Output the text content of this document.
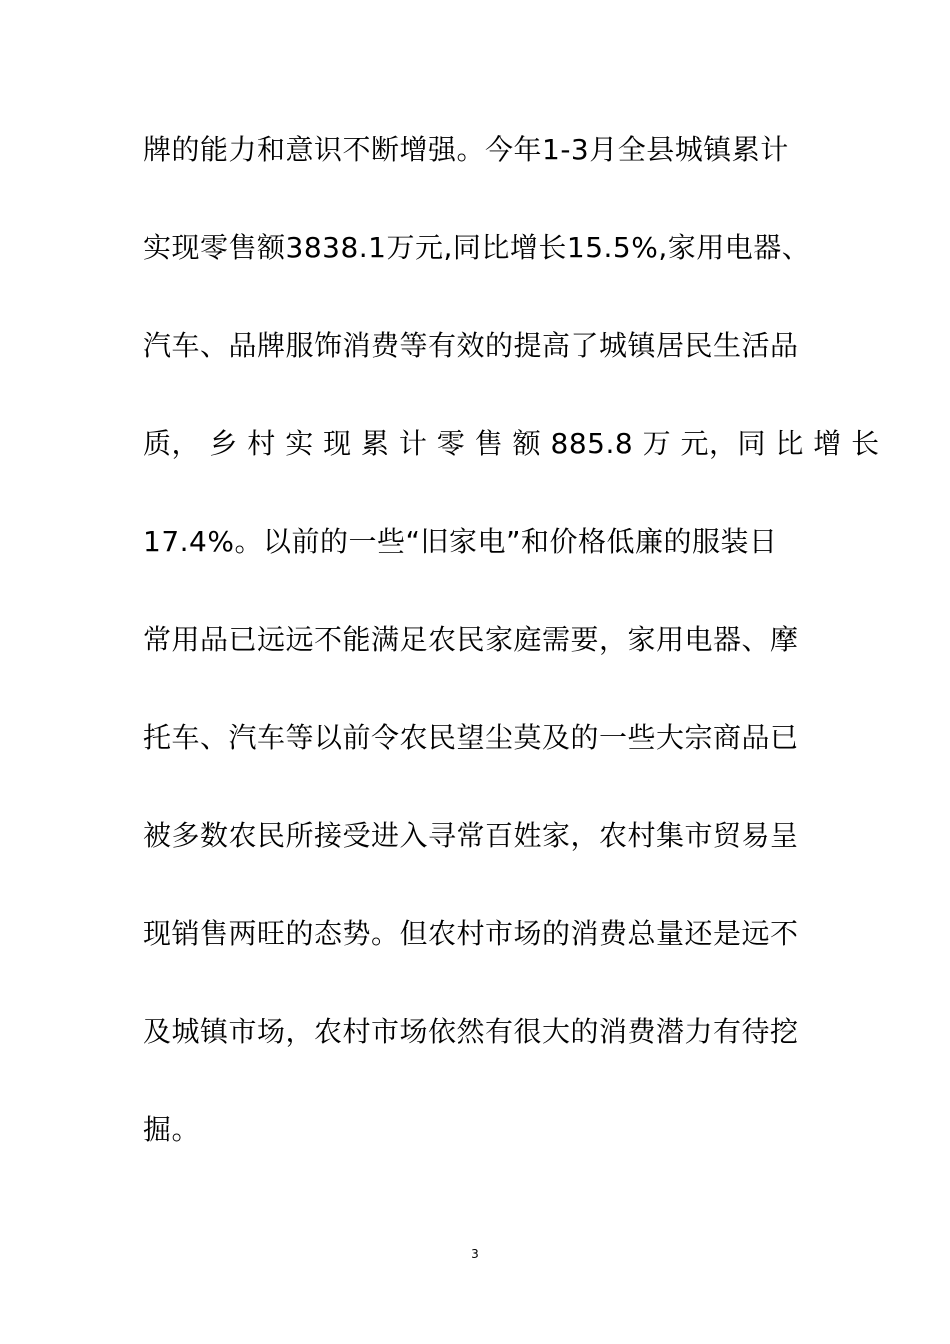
牌的能力和意识不断增强。今年1-3月全县城镇累计
实现零售额3838.1万元,同比增长15.5%,家用电器、
汽车、品牌服饰消费等有效的提高了城镇居民生活品
质， 乡 村 实 现 累 计 零 售 额 885.8 万 元，同 比 增 长
17.4%。以前的一些“旧家电”和价格低廉的服装日
常用品已远远不能满足农民家庭需要，家用电器、摩
托车、汽车等以前令农民望尘莫及的一些大宗商品已
被多数农民所接受进入寻常百姓家，农村集市贸易呈
现销售两旺的态势。但农村市场的消费总量还是远不
及城镇市场，农村市场依然有很大的消费潜力有待挖
掘。
3
